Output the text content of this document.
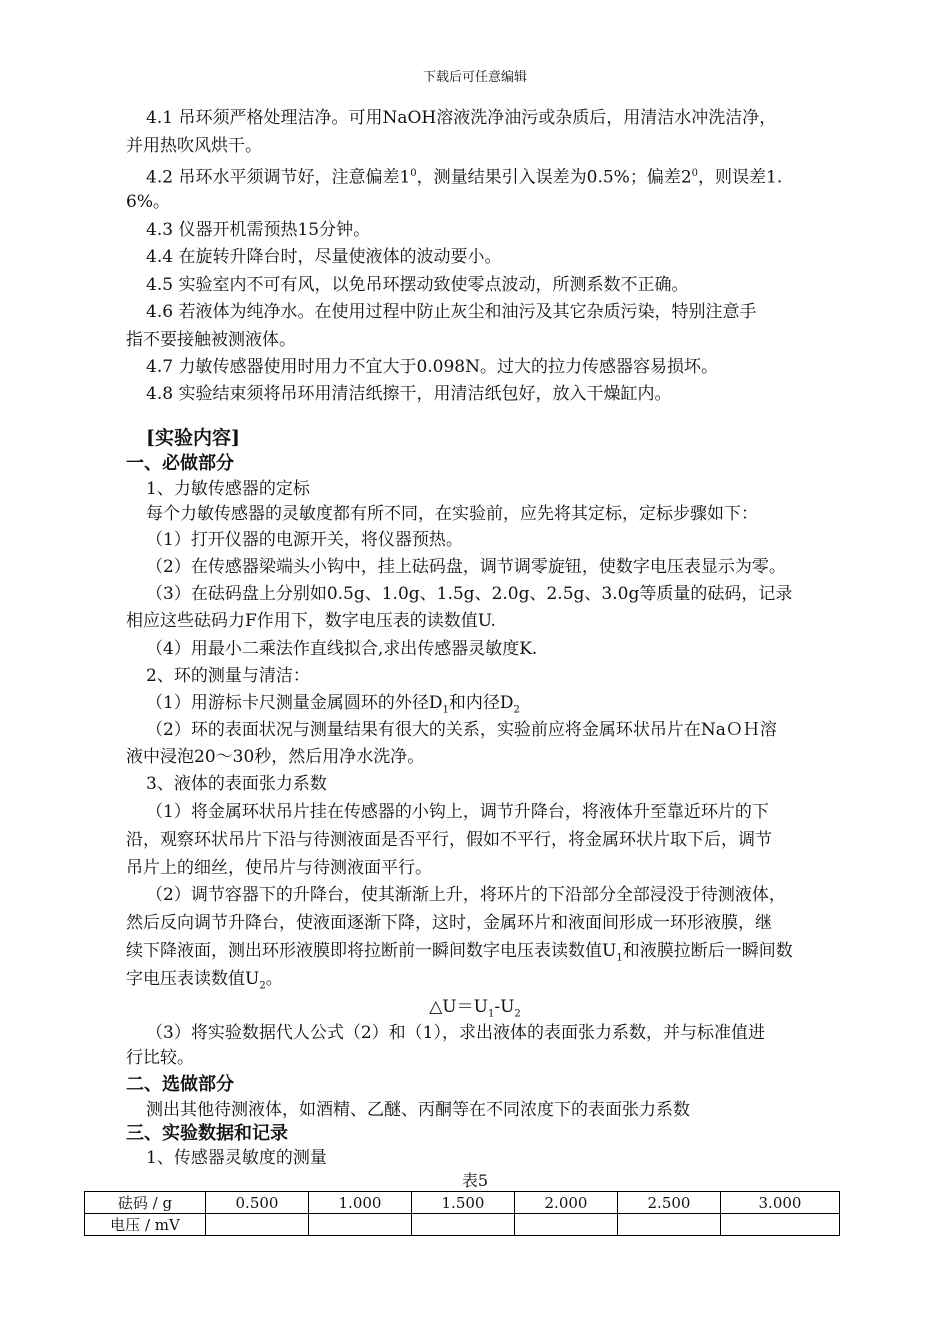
下载后可任意编辑
4.1 吊环须严格处理洁净。可用NaOH溶液洗净油污或杂质后，用清洁水冲洗洁净，
并用热吹风烘干。
4.2 吊环水平须调节好，注意偏差$1^0$，测量结果引入误差为0.5%；偏差$2^0$，则误差1.
6%。
4.3 仪器开机需预热15分钟。
4.4 在旋转升降台时，尽量使液体的波动要小。
4.5 实验室内不可有风，以免吊环摆动致使零点波动，所测系数不正确。
4.6 若液体为纯净水。在使用过程中防止灰尘和油污及其它杂质污染，特别注意手
指不要接触被测液体。
4.7 力敏传感器使用时用力不宜大于0.098N。过大的拉力传感器容易损坏。
4.8 实验结束须将吊环用清洁纸擦干，用清洁纸包好，放入干燥缸内。
[实验内容]
一、必做部分
1、力敏传感器的定标
每个力敏传感器的灵敏度都有所不同，在实验前，应先将其定标，定标步骤如下：
（1）打开仪器的电源开关，将仪器预热。
（2）在传感器梁端头小钩中，挂上砝码盘，调节调零旋钮，使数字电压表显示为零。
（3）在砝码盘上分别如0.5g、1.0g、1.5g、2.0g、2.5g、3.0g等质量的砝码，记录
相应这些砝码力F作用下，数字电压表的读数值U.
（4）用最小二乘法作直线拟合,求出传感器灵敏度K.
2、环的测量与清洁：
（1）用游标卡尺测量金属圆环的外径$D_1$和内径$D_2$
（2）环的表面状况与测量结果有很大的关系，实验前应将金属环状吊片在NaＯＨ溶
液中浸泡20～30秒，然后用净水洗净。
3、液体的表面张力系数
（1）将金属环状吊片挂在传感器的小钩上，调节升降台，将液体升至靠近环片的下
沿，观察环状吊片下沿与待测液面是否平行，假如不平行，将金属环状片取下后，调节
吊片上的细丝，使吊片与待测液面平行。
（2）调节容器下的升降台，使其渐渐上升，将环片的下沿部分全部浸没于待测液体，
然后反向调节升降台，使液面逐渐下降，这时，金属环片和液面间形成一环形液膜，继
续下降液面，测出环形液膜即将拉断前一瞬间数字电压表读数值$U_1$和液膜拉断后一瞬间数
字电压表读数值$U_2$。
$\triangle U=U_1-U_2$
（3）将实验数据代人公式（2）和（1），求出液体的表面张力系数，并与标准值进
行比较。
二、选做部分
测出其他待测液体，如酒精、乙醚、丙酮等在不同浓度下的表面张力系数
三、实验数据和记录
1、传感器灵敏度的测量
表5
砝码 / g	0.500	1.000	1.500	2.000	2.500	3.000
电压 / mV						
